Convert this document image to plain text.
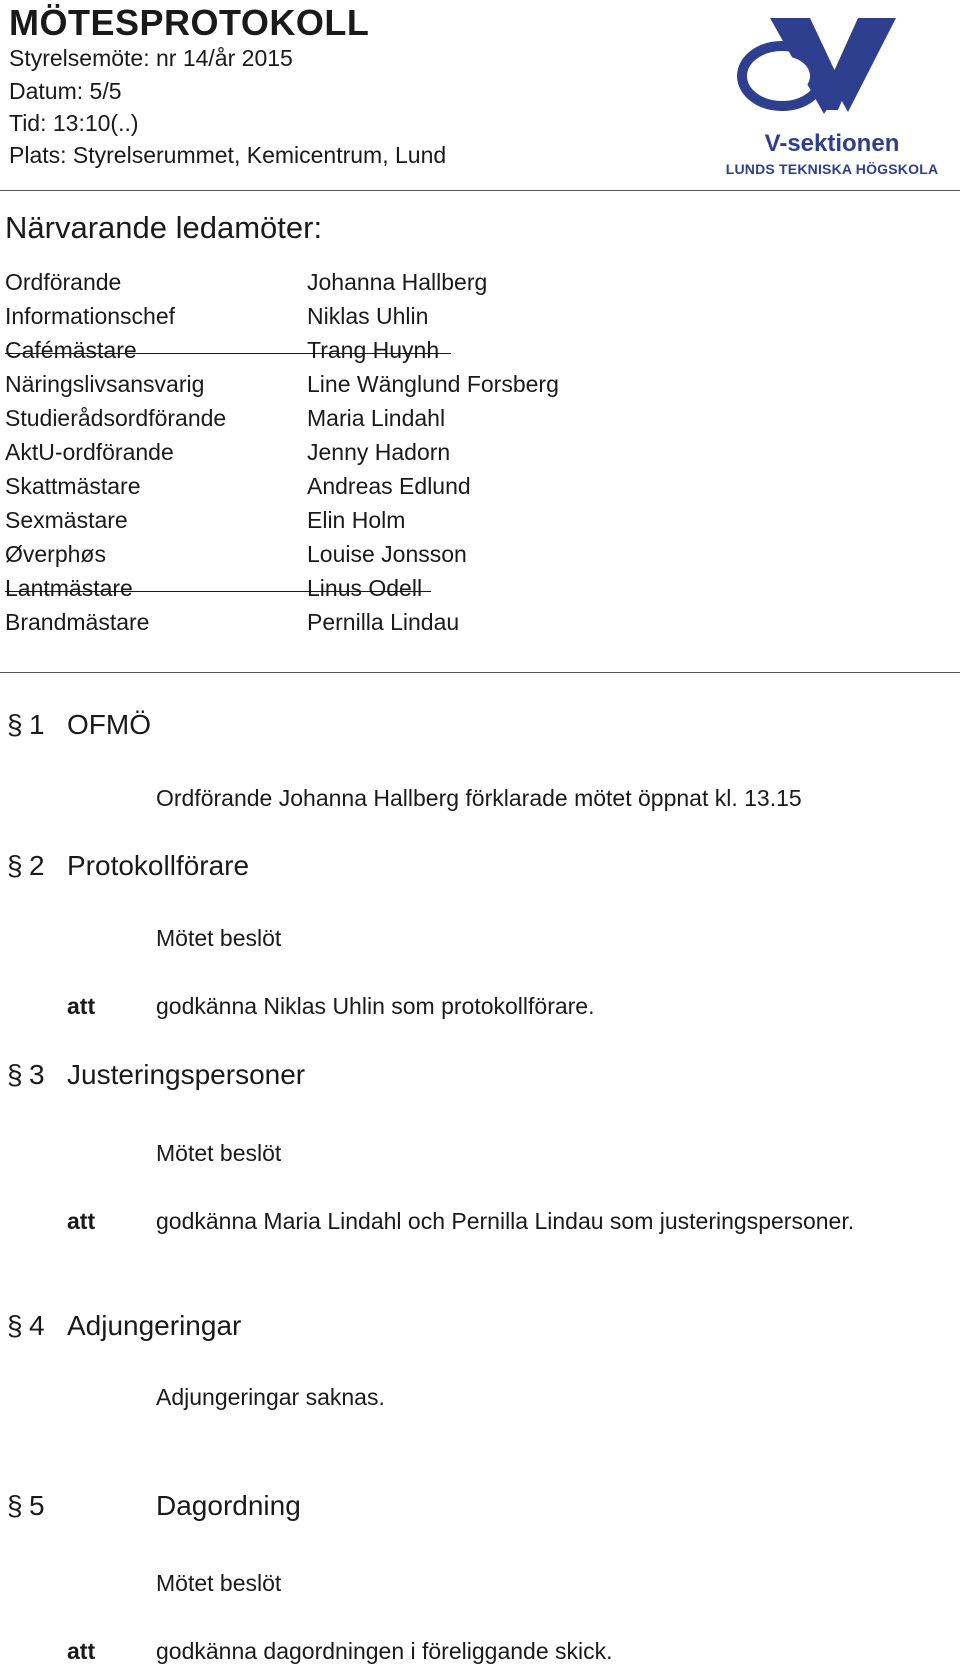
MÖTESPROTOKOLL
Styrelsemöte: nr 14/år 2015
Datum: 5/5
Tid: 13:10(..)
Plats: Styrelserummet, Kemicentrum, Lund	V-sektionen
LUNDS TEKNISKA HÖGSKOLA
Närvarande ledamöter:
Ordförande	Johanna Hallberg
Informationschef	Niklas Uhlin
Cafémästare	Trang Huynh
Näringslivsansvarig	Line Wänglund Forsberg
Studierådsordförande	Maria Lindahl
AktU-ordförande	Jenny Hadorn
Skattmästare	Andreas Edlund
Sexmästare	Elin Holm
Øverphøs	Louise Jonsson
Lantmästare	Linus Odell
Brandmästare	Pernilla Lindau
§ 1 OFMÖ
Ordförande Johanna Hallberg förklarade mötet öppnat kl. 13.15
§ 2 Protokollförare
Mötet beslöt
att	godkänna Niklas Uhlin som protokollförare.
§ 3 Justeringspersoner
Mötet beslöt
att	godkänna Maria Lindahl och Pernilla Lindau som justeringspersoner.
§ 4 Adjungeringar
Adjungeringar saknas.
§ 5	Dagordning
Mötet beslöt
att	godkänna dagordningen i föreliggande skick.
